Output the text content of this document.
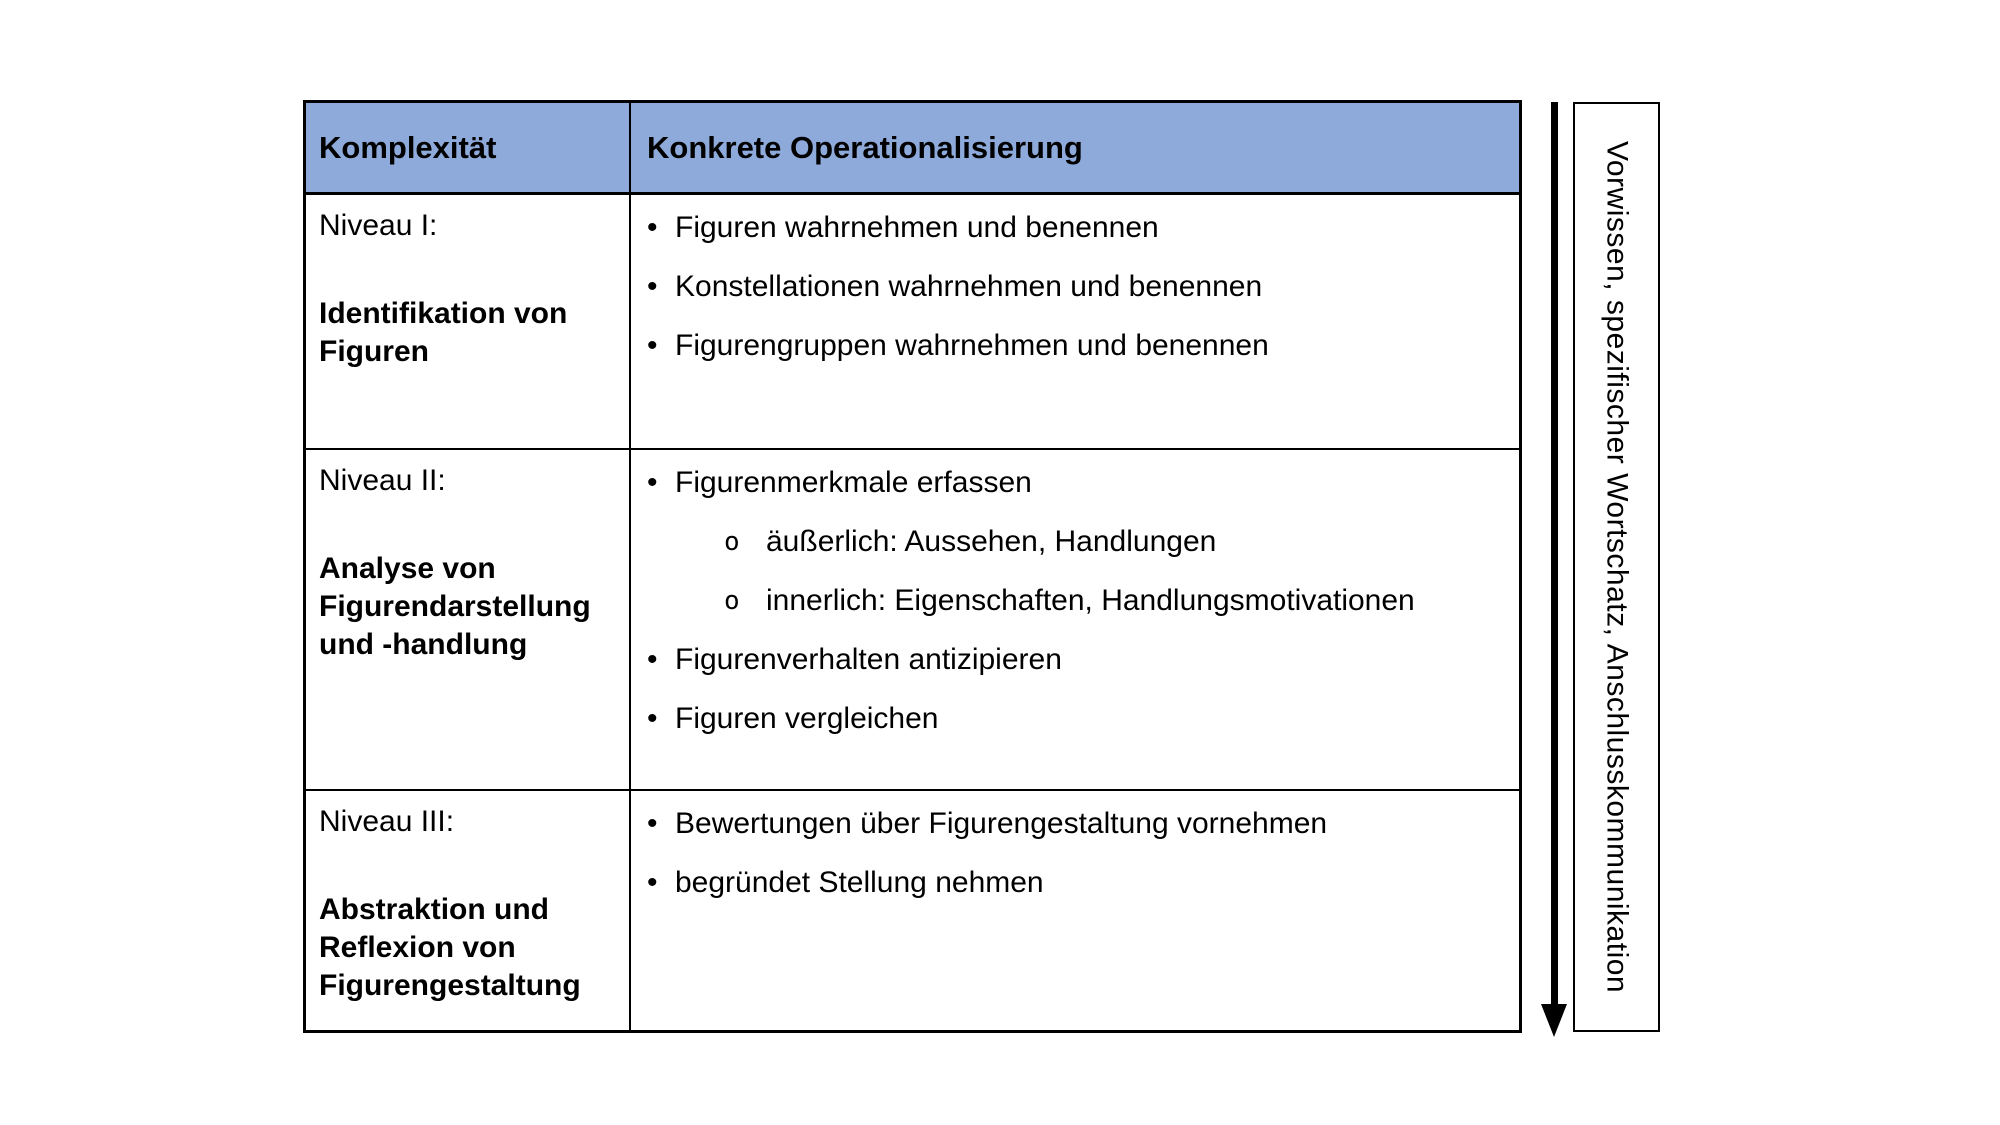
Komplexität	Konkrete Operationalisierung

Niveau I:

Identifikation von Figuren

• Figuren wahrnehmen und benennen
• Konstellationen wahrnehmen und benennen
• Figurengruppen wahrnehmen und benennen

Niveau II:

Analyse von Figurendarstellung und -handlung

• Figurenmerkmale erfassen
o äußerlich: Aussehen, Handlungen
o innerlich: Eigenschaften, Handlungsmotivationen
• Figurenverhalten antizipieren
• Figuren vergleichen

Niveau III:

Abstraktion und Reflexion von Figurengestaltung

• Bewertungen über Figurengestaltung vornehmen
• begründet Stellung nehmen	Vorwissen, spezifischer Wortschatz, Anschlusskommunikation
